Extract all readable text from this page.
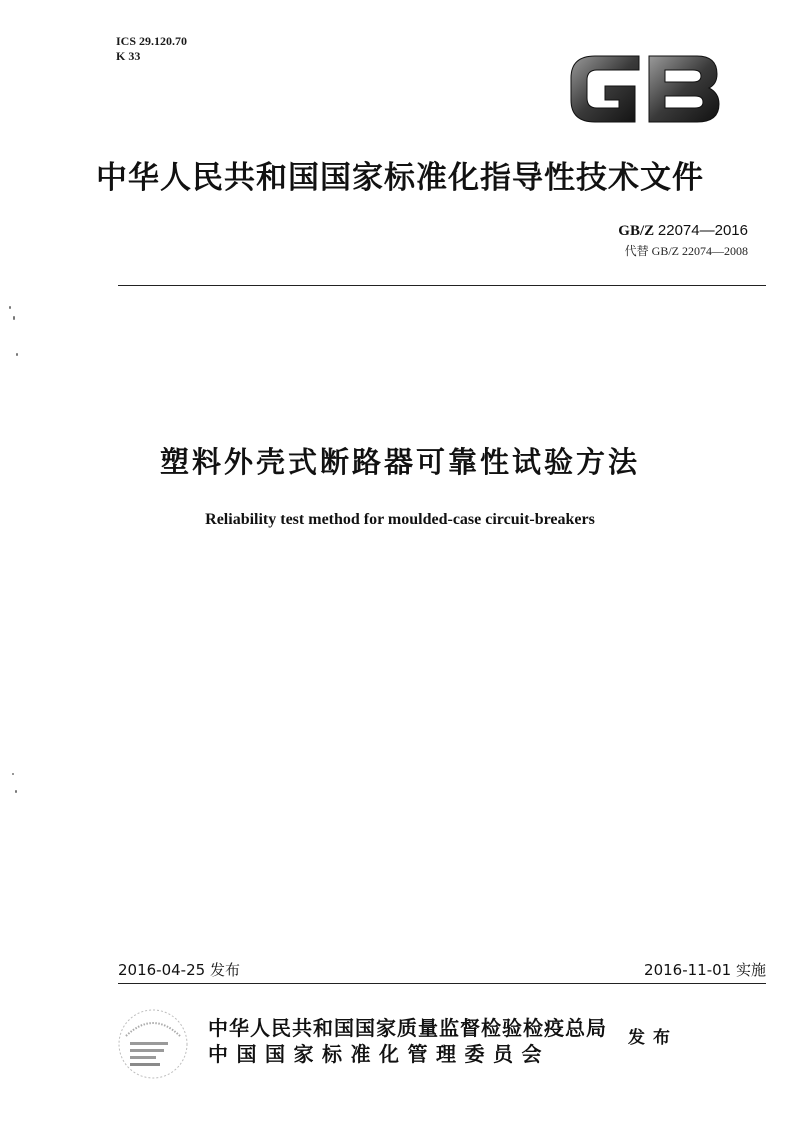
ICS 29.120.70
K 33
中华人民共和国国家标准化指导性技术文件
GB/Z 22074—2016
代替 GB/Z 22074—2008
塑料外壳式断路器可靠性试验方法
Reliability test method for moulded-case circuit-breakers
2016-04-25 发布	2016-11-01 实施
中华人民共和国国家质量监督检验检疫总局
中国国家标准化管理委员会
发布
